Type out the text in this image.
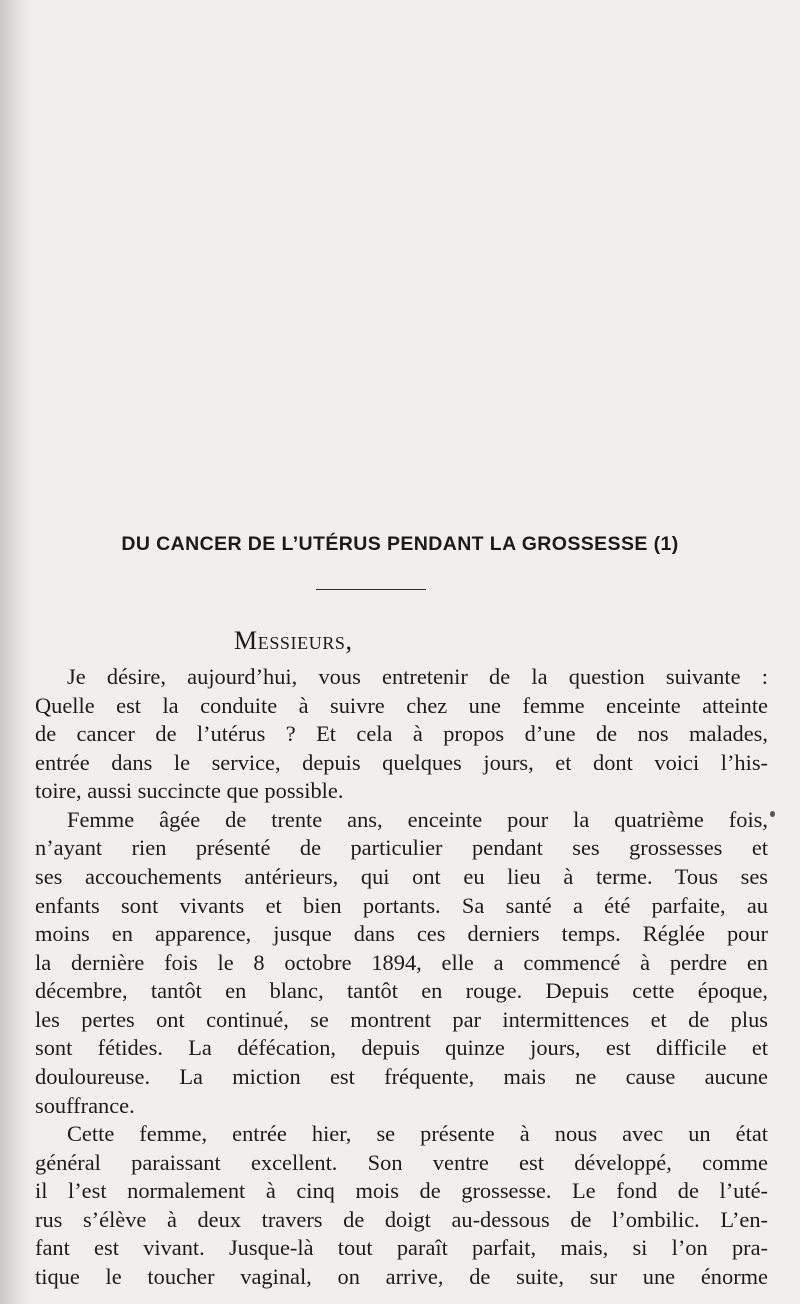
DU CANCER DE L’UTÉRUS PENDANT LA GROSSESSE (1)
Messieurs,
Je désire, aujourd’hui, vous entretenir de la question suivante :
Quelle est la conduite à suivre chez une femme enceinte atteinte
de cancer de l’utérus ? Et cela à propos d’une de nos malades,
entrée dans le service, depuis quelques jours, et dont voici l’his-
toire, aussi succincte que possible.
Femme âgée de trente ans, enceinte pour la quatrième fois,
n’ayant rien présenté de particulier pendant ses grossesses et
ses accouchements antérieurs, qui ont eu lieu à terme. Tous ses
enfants sont vivants et bien portants. Sa santé a été parfaite, au
moins en apparence, jusque dans ces derniers temps. Réglée pour
la dernière fois le 8 octobre 1894, elle a commencé à perdre en
décembre, tantôt en blanc, tantôt en rouge. Depuis cette époque,
les pertes ont continué, se montrent par intermittences et de plus
sont fétides. La défécation, depuis quinze jours, est difficile et
douloureuse. La miction est fréquente, mais ne cause aucune
souffrance.
Cette femme, entrée hier, se présente à nous avec un état
général paraissant excellent. Son ventre est développé, comme
il l’est normalement à cinq mois de grossesse. Le fond de l’uté-
rus s’élève à deux travers de doigt au-dessous de l’ombilic. L’en-
fant est vivant. Jusque-là tout paraît parfait, mais, si l’on pra-
tique le toucher vaginal, on arrive, de suite, sur une énorme
